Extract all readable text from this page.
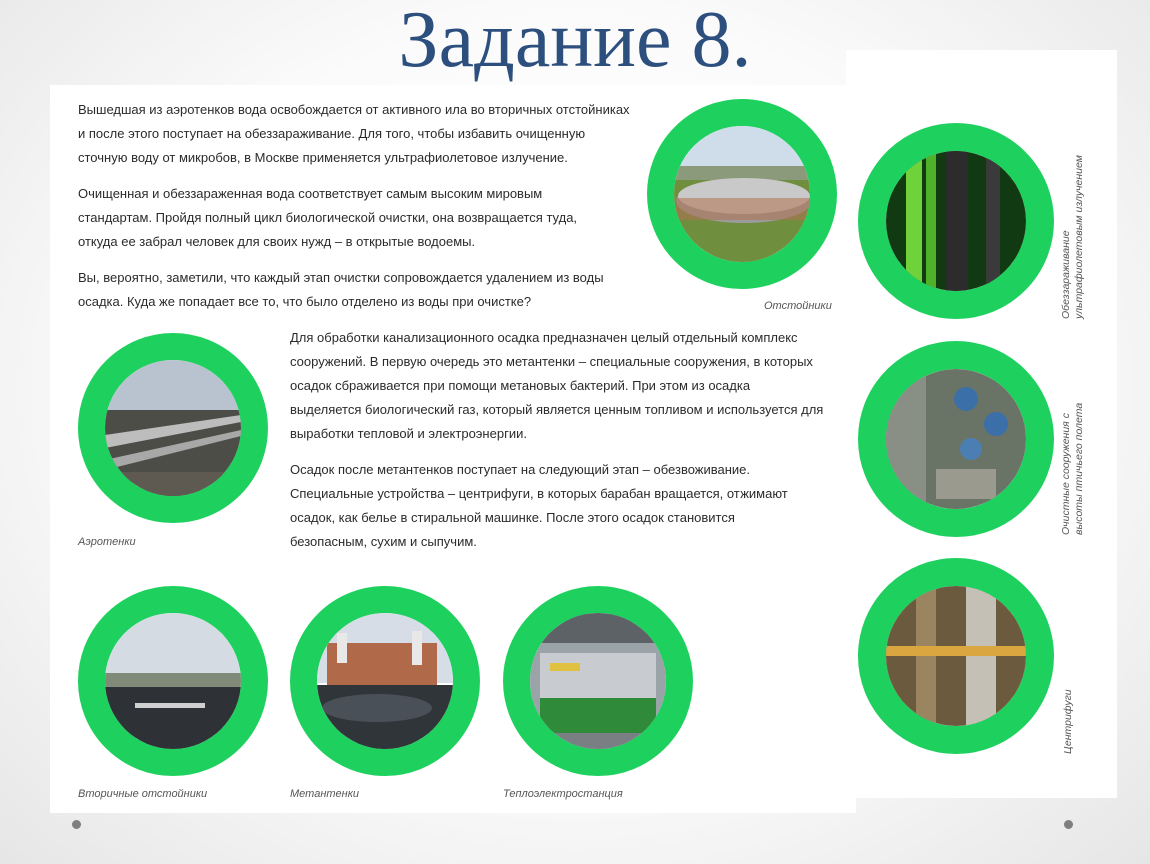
Задание 8.

Вышедшая из аэротенков вода освобождается от активного ила во вторичных отстойниках и после этого поступает на обеззараживание. Для того, чтобы избавить очищенную сточную воду от микробов, в Москве применяется ультрафиолетовое излучение.

Очищенная и обеззараженная вода соответствует самым высоким мировым стандартам. Пройдя полный цикл биологической очистки, она возвращается туда, откуда ее забрал человек для своих нужд – в открытые водоемы.

Вы, вероятно, заметили, что каждый этап очистки сопровождается удалением из воды осадка. Куда же попадает все то, что было отделено из воды при очистке?

Для обработки канализационного осадка предназначен целый отдельный комплекс сооружений. В первую очередь это метантенки – специальные сооружения, в которых осадок сбраживается при помощи метановых бактерий. При этом из осадка выделяется биологический газ, который является ценным топливом и используется для выработки тепловой и электроэнергии.

Осадок после метантенков поступает на следующий этап – обезвоживание. Специальные устройства – центрифуги, в которых барабан вращается, отжимают осадок, как белье в стиральной машинке. После этого осадок становится безопасным, сухим и сыпучим.

Отстойники
Аэротенки
Вторичные отстойники	Метантенки	Теплоэлектростанция
Обеззараживание ультрафиолетовым излучением
Очистные сооружения с высоты птичьего полета
Центрифуги
